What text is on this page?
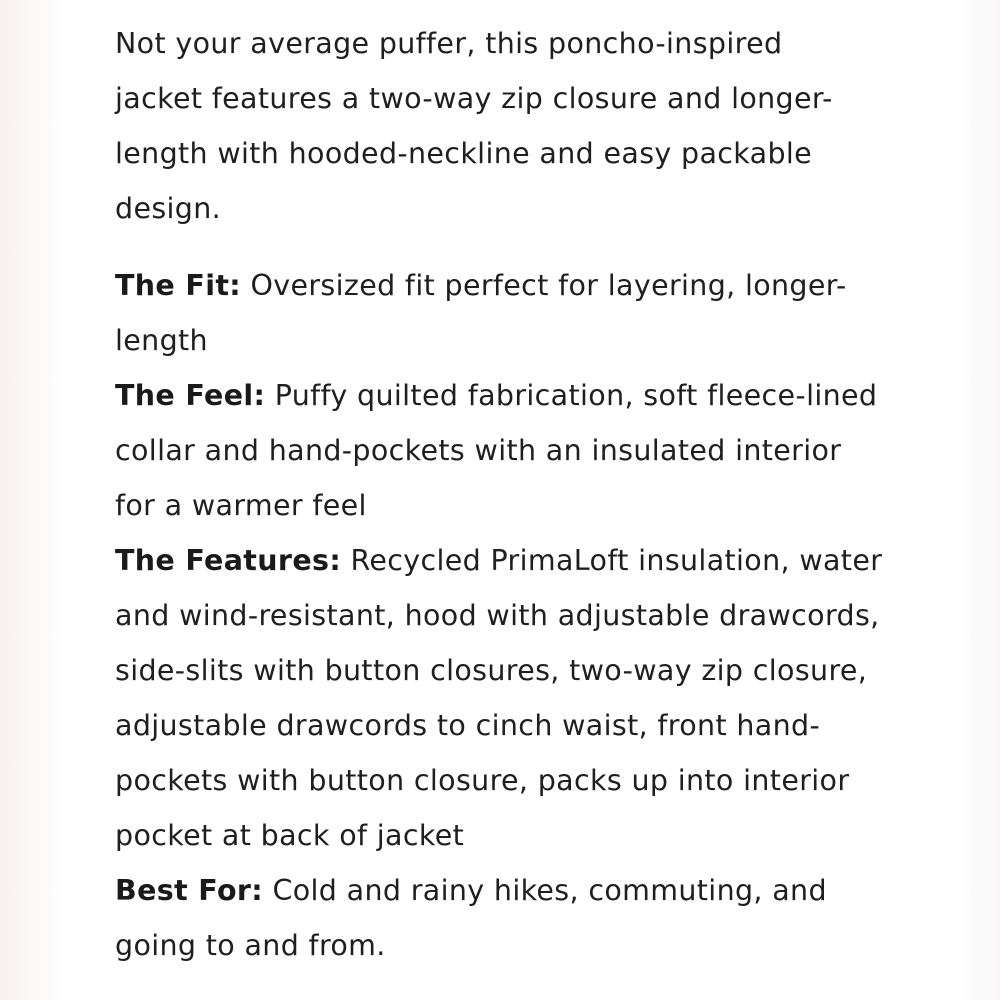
Not your average puffer, this poncho-inspired jacket features a two-way zip closure and longer-length with hooded-neckline and easy packable design.

The Fit: Oversized fit perfect for layering, longer-length

The Feel: Puffy quilted fabrication, soft fleece-lined collar and hand-pockets with an insulated interior for a warmer feel

The Features: Recycled PrimaLoft insulation, water and wind-resistant, hood with adjustable drawcords, side-slits with button closures, two-way zip closure, adjustable drawcords to cinch waist, front hand-pockets with button closure, packs up into interior pocket at back of jacket

Best For: Cold and rainy hikes, commuting, and going to and from.
